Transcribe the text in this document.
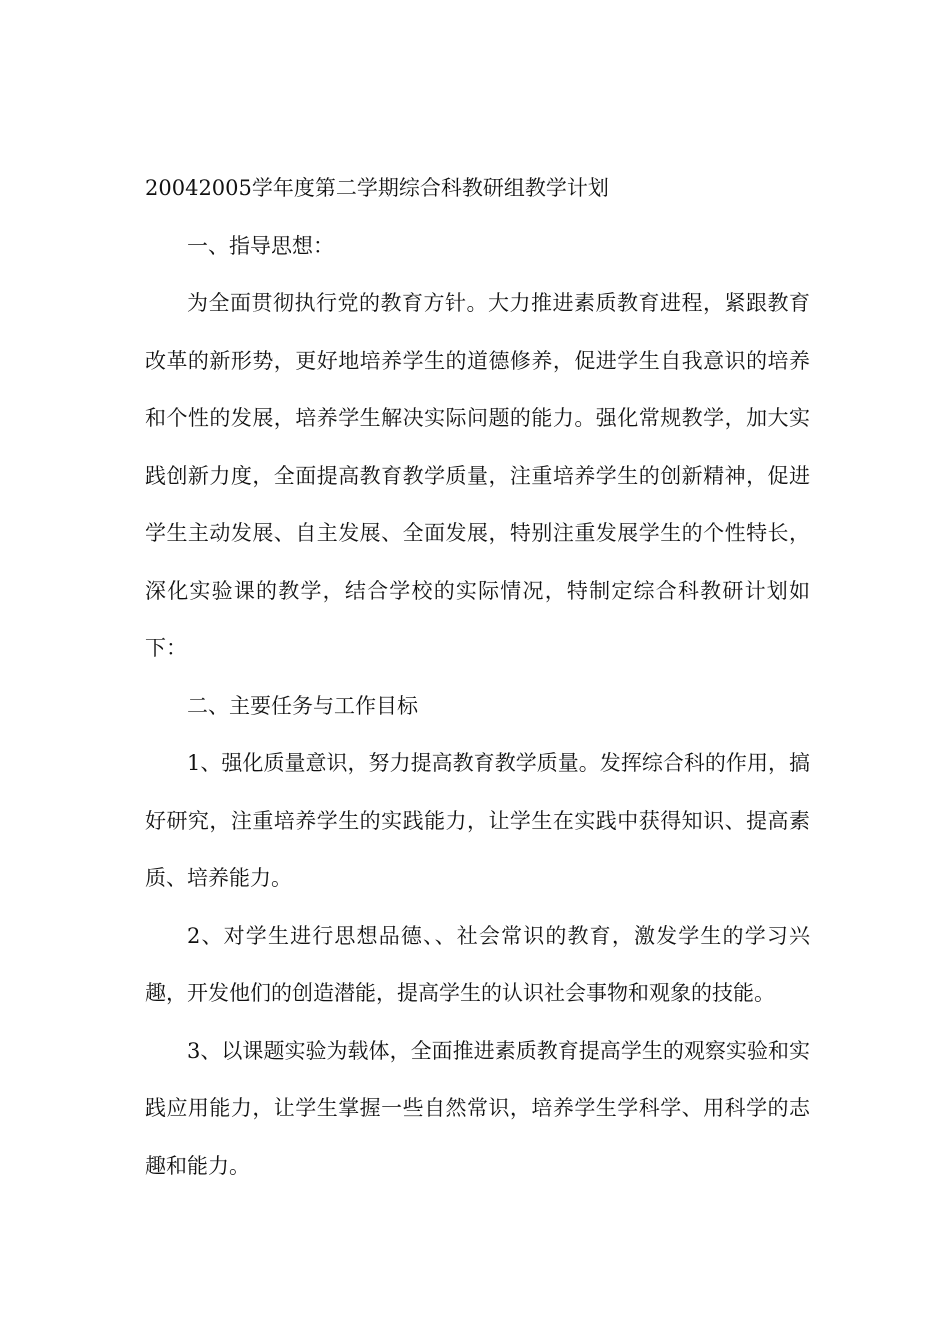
20042005学年度第二学期综合科教研组教学计划

一、指导思想：

为全面贯彻执行党的教育方针。大力推进素质教育进程，紧跟教育改革的新形势，更好地培养学生的道德修养，促进学生自我意识的培养和个性的发展，培养学生解决实际问题的能力。强化常规教学，加大实践创新力度，全面提高教育教学质量，注重培养学生的创新精神，促进学生主动发展、自主发展、全面发展，特别注重发展学生的个性特长，深化实验课的教学，结合学校的实际情况，特制定综合科教研计划如下：

二、主要任务与工作目标

1、强化质量意识，努力提高教育教学质量。发挥综合科的作用，搞好研究，注重培养学生的实践能力，让学生在实践中获得知识、提高素质、培养能力。

2、对学生进行思想品德、、社会常识的教育，激发学生的学习兴趣，开发他们的创造潜能，提高学生的认识社会事物和观象的技能。

3、以课题实验为载体，全面推进素质教育提高学生的观察实验和实践应用能力，让学生掌握一些自然常识，培养学生学科学、用科学的志趣和能力。
